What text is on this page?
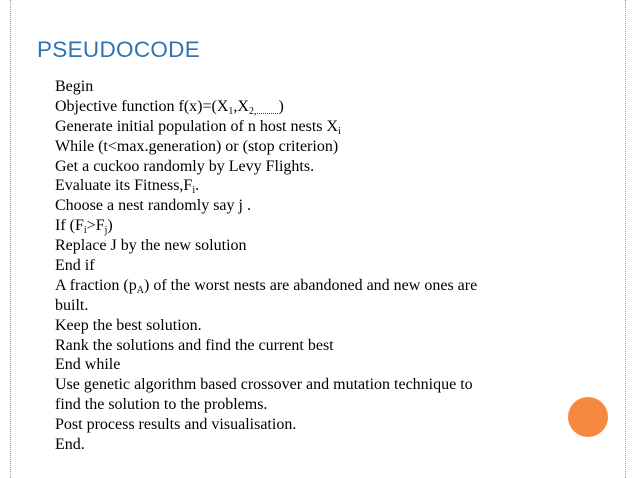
PSEUDOCODE
Begin
Objective function $f(x)=(X_1,X_{2,}...........)$
Generate initial population of n host nests $X_i$
While (t<max.generation) or (stop criterion)
Get a cuckoo randomly by Levy Flights.
Evaluate its $Fitness,F_i$.
Choose a nest randomly say j .
If $(F_i>F_j)$
Replace J by the new solution
End if
A fraction $(p_A)$ of the worst nests are abandoned and new ones are
built.
Keep the best solution.
Rank the solutions and find the current best
End while
Use genetic algorithm based crossover and mutation technique to
find the solution to the problems.
Post process results and visualisation.
End.
